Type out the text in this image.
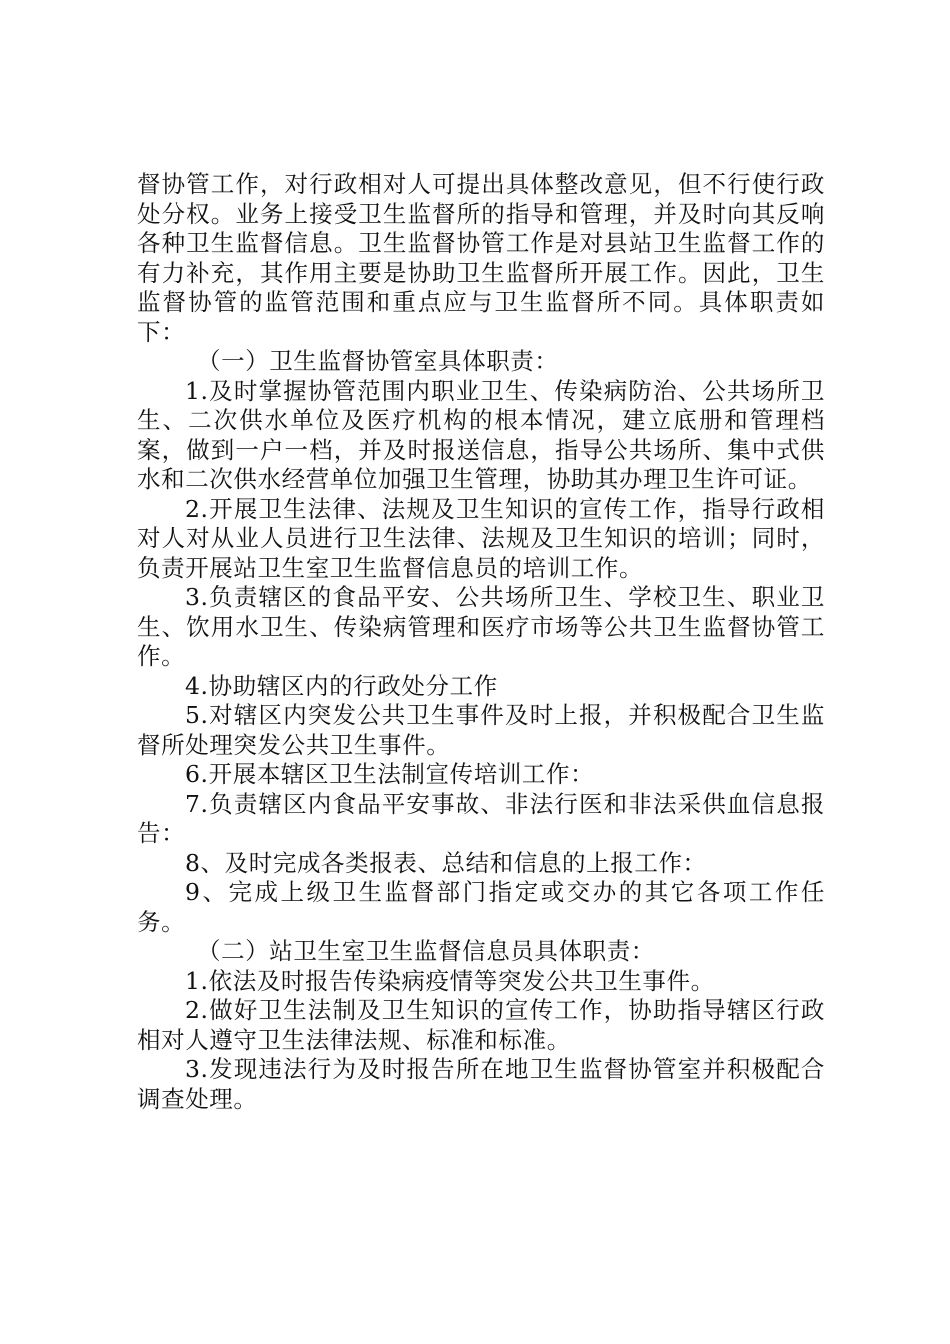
督协管工作，对行政相对人可提出具体整改意见，但不行使行政处分权。业务上接受卫生监督所的指导和管理，并及时向其反响各种卫生监督信息。卫生监督协管工作是对县站卫生监督工作的有力补充，其作用主要是协助卫生监督所开展工作。因此，卫生监督协管的监管范围和重点应与卫生监督所不同。具体职责如下：

（一）卫生监督协管室具体职责：

1.及时掌握协管范围内职业卫生、传染病防治、公共场所卫生、二次供水单位及医疗机构的根本情况，建立底册和管理档案，做到一户一档，并及时报送信息，指导公共场所、集中式供水和二次供水经营单位加强卫生管理，协助其办理卫生许可证。

2.开展卫生法律、法规及卫生知识的宣传工作，指导行政相对人对从业人员进行卫生法律、法规及卫生知识的培训；同时，负责开展站卫生室卫生监督信息员的培训工作。

3.负责辖区的食品平安、公共场所卫生、学校卫生、职业卫生、饮用水卫生、传染病管理和医疗市场等公共卫生监督协管工作。

4.协助辖区内的行政处分工作

5.对辖区内突发公共卫生事件及时上报，并积极配合卫生监督所处理突发公共卫生事件。

6.开展本辖区卫生法制宣传培训工作：

7.负责辖区内食品平安事故、非法行医和非法采供血信息报告：

8、及时完成各类报表、总结和信息的上报工作：

9、完成上级卫生监督部门指定或交办的其它各项工作任务。

（二）站卫生室卫生监督信息员具体职责：

1.依法及时报告传染病疫情等突发公共卫生事件。

2.做好卫生法制及卫生知识的宣传工作，协助指导辖区行政相对人遵守卫生法律法规、标准和标准。

3.发现违法行为及时报告所在地卫生监督协管室并积极配合调查处理。
